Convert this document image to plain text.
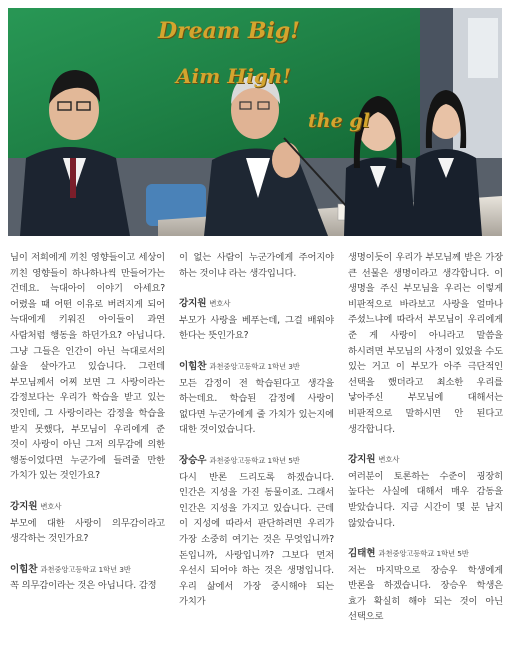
Dream Big!
Aim High!
the gl
님이 저희에게 끼친 영향들이고 세상이 끼친 영향들이 하나하나씩 만들어가는 건데요. 늑대아이 이야기 아세요? 어렸을 때 어떤 이유로 버려지게 되어 늑대에게 키워진 아이들이 과연 사람처럼 행동을 하던가요? 아닙니다. 그냥 그들은 인간이 아닌 늑대로서의 삶을 살아가고 있습니다. 그런데 부모님께서 어찌 보면 그 사랑이라는 감정보다는 우리가 학습을 받고 있는 것인데, 그 사랑이라는 감정을 학습을 받지 못했다, 부모님이 우리에게 준 것이 사랑이 아닌 그저 의무감에 의한 행동이었다면 누군가에 들려줄 만한 가치가 있는 것인가요?
강지원 변호사
부모에 대한 사랑이 의무감이라고 생각하는 것인가요?
이힘찬 과천중앙고등학교 1학년 3반
꼭 의무감이라는 것은 아닙니다. 감정
이 없는 사람이 누군가에게 주어지야 하는 것이냐 라는 생각입니다.
강지원 변호사
부모가 사랑을 베푸는데, 그걸 배워야 한다는 뜻인가요?
이힘찬 과천중앙고등학교 1학년 3반
모든 감정이 전 학습된다고 생각을 하는데요. 학습된 감정에 사랑이 없다면 누군가에게 줄 가치가 있는지에 대한 것이었습니다.
장승우 과천중앙고등학교 1학년 5반
다시 반론 드리도록 하겠습니다. 인간은 지성을 가진 동물이죠. 그래서 인간은 지성을 가지고 있습니다. 근데 이 지성에 따라서 판단하려면 우리가 가장 소중히 여기는 것은 무엇입니까? 돈입니까, 사랑입니까? 그보다 먼저 우선시 되어야 하는 것은 생명입니다. 우리 삶에서 가장 중시해야 되는 가치가
생명이듯이 우리가 부모님께 받은 가장 큰 선물은 생명이라고 생각합니다. 이 생명을 주신 부모님을 우리는 이렇게 비판적으로 바라보고 사랑을 얼마나 주셨느냐에 따라서 부모님이 우리에게 준 게 사랑이 아니라고 말씀을 하시려면 부모님의 사정이 있었을 수도 있는 거고 이 부모가 아주 극단적인 선택을 했더라고 최소한 우리를 낳아주신 부모님에 대해서는 비판적으로 말하시면 안 된다고 생각합니다.
강지원 변호사
여러분이 토론하는 수준이 굉장히 높다는 사실에 대해서 매우 감동을 받았습니다. 지금 시간이 몇 분 남지 않았습니다.
김태현 과천중앙고등학교 1학년 5반
저는 마지막으로 장승우 학생에게 반론을 하겠습니다. 장승우 학생은 효가 확실히 해야 되는 것이 아닌 선택으로
